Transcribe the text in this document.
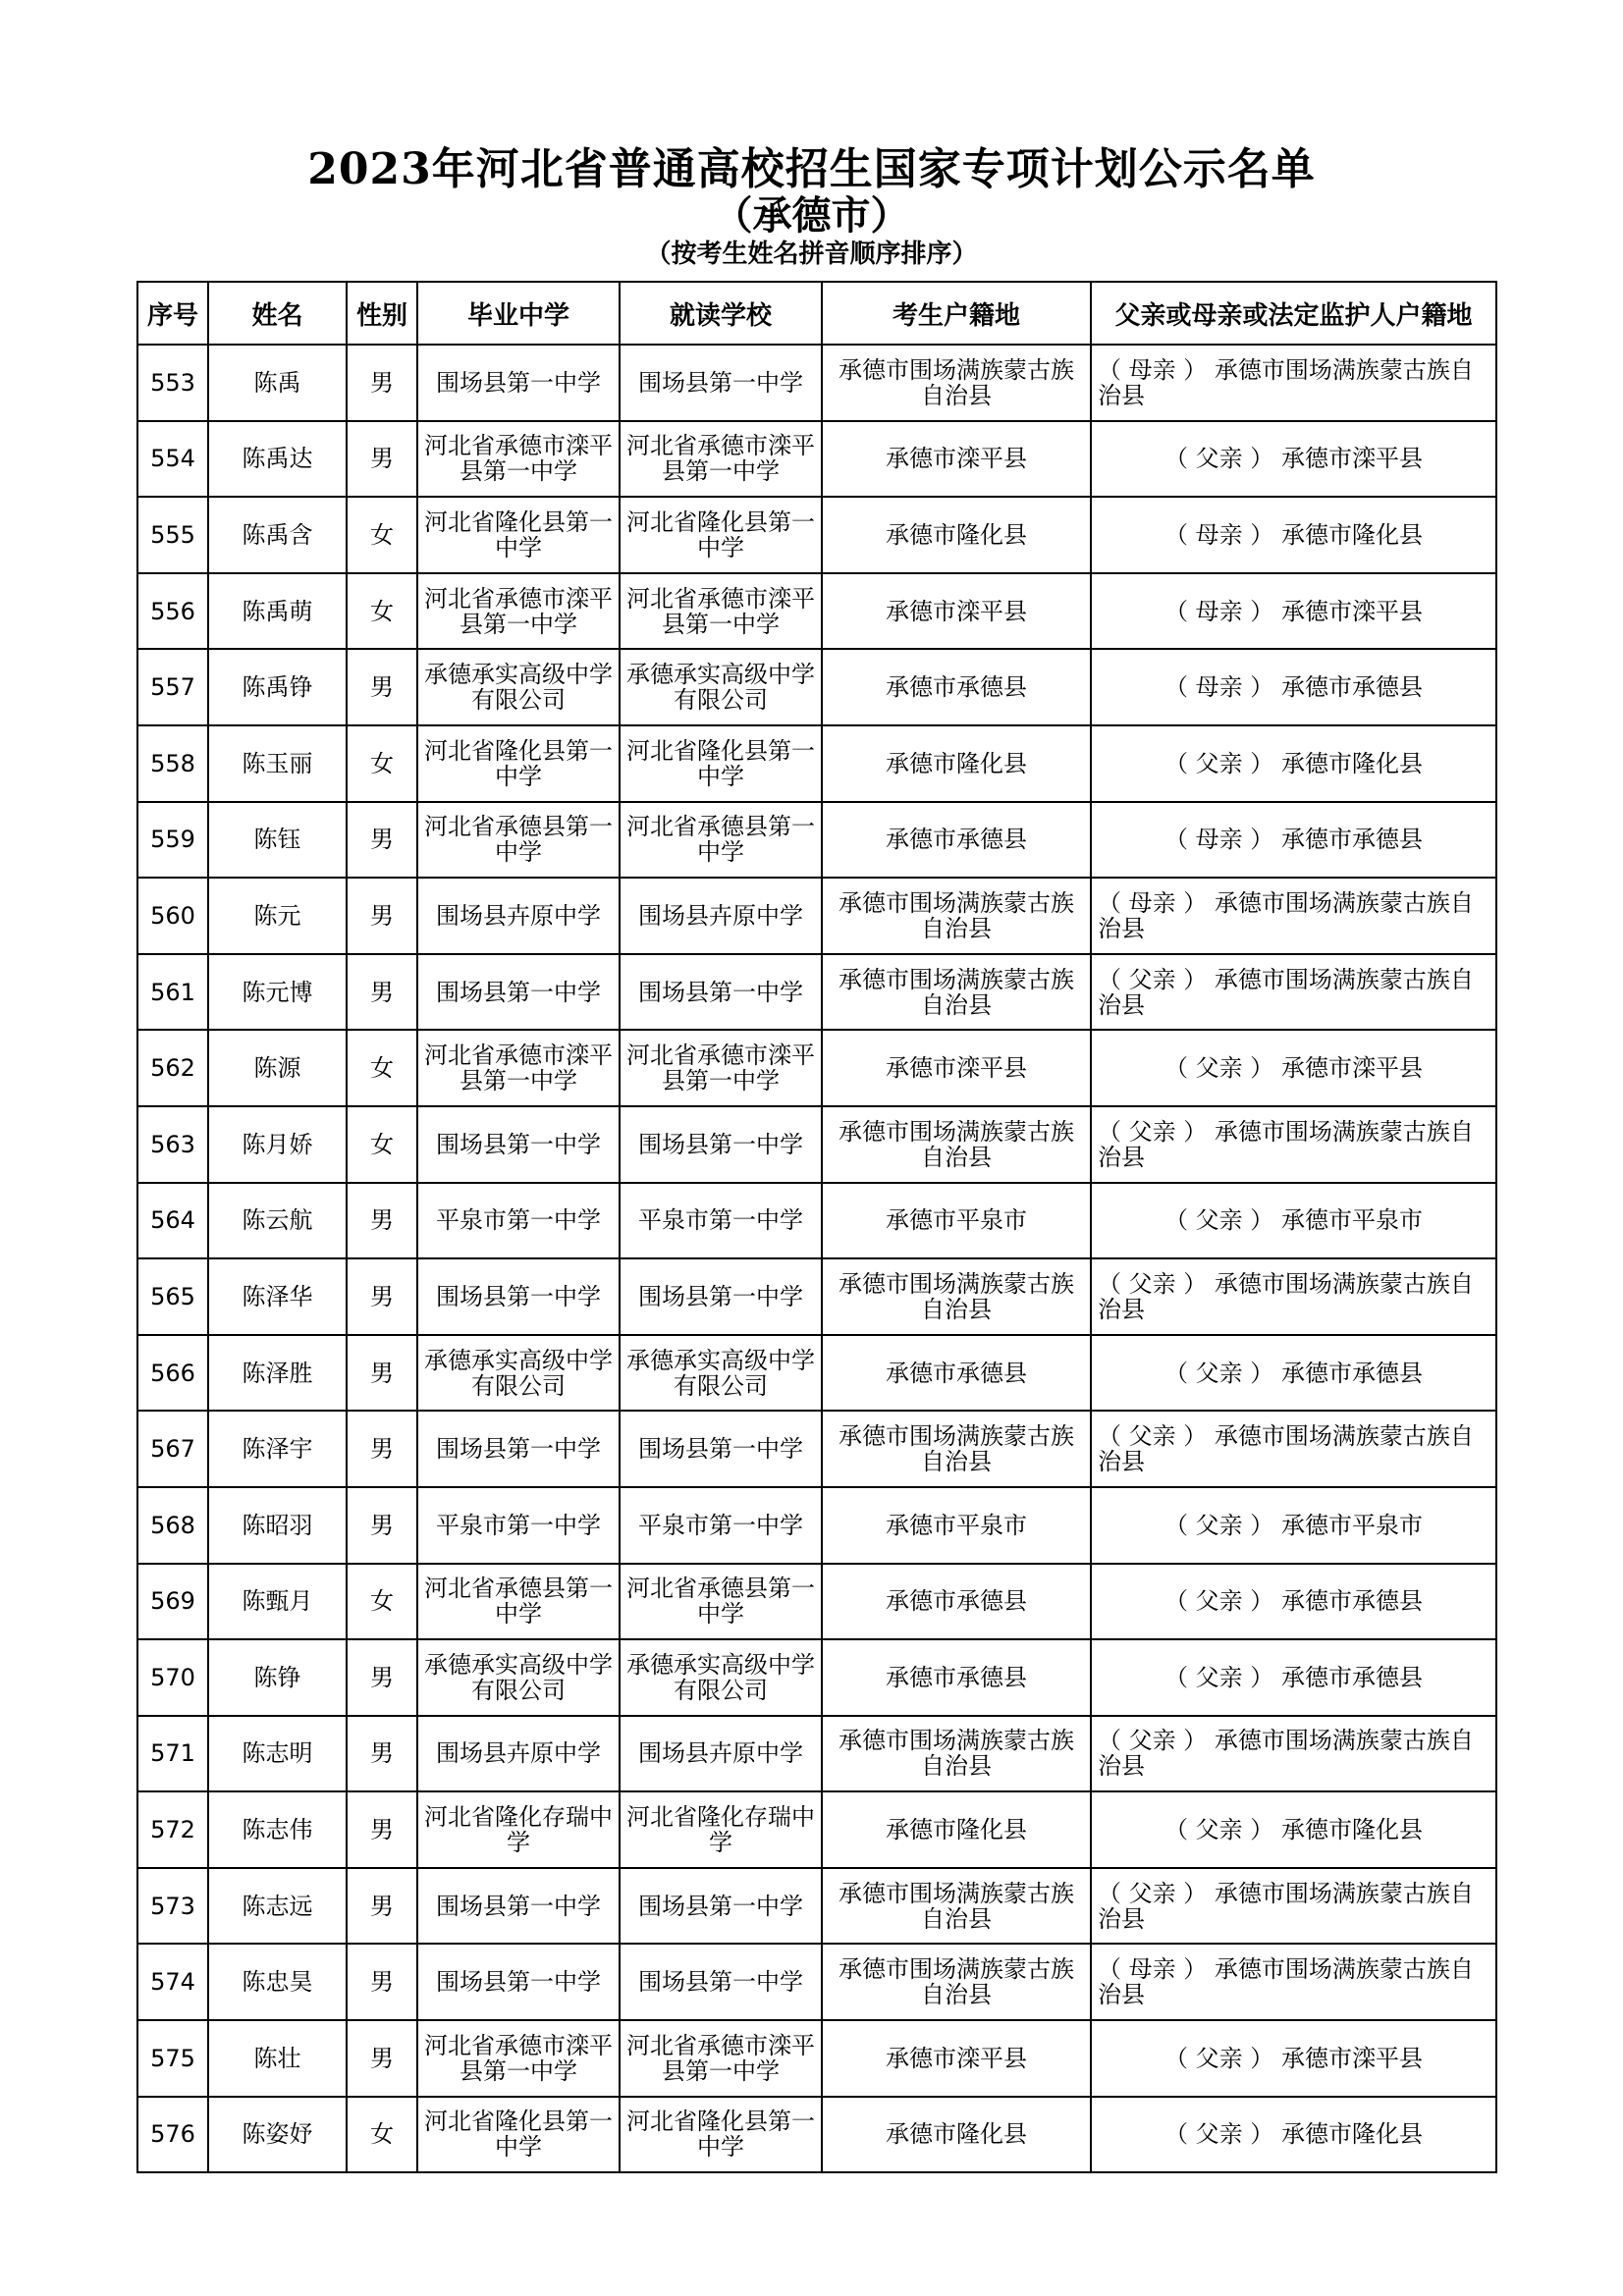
2023年河北省普通高校招生国家专项计划公示名单
（承德市）
（按考生姓名拼音顺序排序）
序号	姓名	性别	毕业中学	就读学校	考生户籍地	父亲或母亲或法定监护人户籍地
553	陈禹	男	围场县第一中学	围场县第一中学	承德市围场满族蒙古族自治县	（ 母亲 ） 承德市围场满族蒙古族自治县
554	陈禹达	男	河北省承德市滦平县第一中学	河北省承德市滦平县第一中学	承德市滦平县	（ 父亲 ） 承德市滦平县
555	陈禹含	女	河北省隆化县第一中学	河北省隆化县第一中学	承德市隆化县	（ 母亲 ） 承德市隆化县
556	陈禹萌	女	河北省承德市滦平县第一中学	河北省承德市滦平县第一中学	承德市滦平县	（ 母亲 ） 承德市滦平县
557	陈禹铮	男	承德承实高级中学有限公司	承德承实高级中学有限公司	承德市承德县	（ 母亲 ） 承德市承德县
558	陈玉丽	女	河北省隆化县第一中学	河北省隆化县第一中学	承德市隆化县	（ 父亲 ） 承德市隆化县
559	陈钰	男	河北省承德县第一中学	河北省承德县第一中学	承德市承德县	（ 母亲 ） 承德市承德县
560	陈元	男	围场县卉原中学	围场县卉原中学	承德市围场满族蒙古族自治县	（ 母亲 ） 承德市围场满族蒙古族自治县
561	陈元博	男	围场县第一中学	围场县第一中学	承德市围场满族蒙古族自治县	（ 父亲 ） 承德市围场满族蒙古族自治县
562	陈源	女	河北省承德市滦平县第一中学	河北省承德市滦平县第一中学	承德市滦平县	（ 父亲 ） 承德市滦平县
563	陈月娇	女	围场县第一中学	围场县第一中学	承德市围场满族蒙古族自治县	（ 父亲 ） 承德市围场满族蒙古族自治县
564	陈云航	男	平泉市第一中学	平泉市第一中学	承德市平泉市	（ 父亲 ） 承德市平泉市
565	陈泽华	男	围场县第一中学	围场县第一中学	承德市围场满族蒙古族自治县	（ 父亲 ） 承德市围场满族蒙古族自治县
566	陈泽胜	男	承德承实高级中学有限公司	承德承实高级中学有限公司	承德市承德县	（ 父亲 ） 承德市承德县
567	陈泽宇	男	围场县第一中学	围场县第一中学	承德市围场满族蒙古族自治县	（ 父亲 ） 承德市围场满族蒙古族自治县
568	陈昭羽	男	平泉市第一中学	平泉市第一中学	承德市平泉市	（ 父亲 ） 承德市平泉市
569	陈甄月	女	河北省承德县第一中学	河北省承德县第一中学	承德市承德县	（ 父亲 ） 承德市承德县
570	陈铮	男	承德承实高级中学有限公司	承德承实高级中学有限公司	承德市承德县	（ 父亲 ） 承德市承德县
571	陈志明	男	围场县卉原中学	围场县卉原中学	承德市围场满族蒙古族自治县	（ 父亲 ） 承德市围场满族蒙古族自治县
572	陈志伟	男	河北省隆化存瑞中学	河北省隆化存瑞中学	承德市隆化县	（ 父亲 ） 承德市隆化县
573	陈志远	男	围场县第一中学	围场县第一中学	承德市围场满族蒙古族自治县	（ 父亲 ） 承德市围场满族蒙古族自治县
574	陈忠昊	男	围场县第一中学	围场县第一中学	承德市围场满族蒙古族自治县	（ 母亲 ） 承德市围场满族蒙古族自治县
575	陈壮	男	河北省承德市滦平县第一中学	河北省承德市滦平县第一中学	承德市滦平县	（ 父亲 ） 承德市滦平县
576	陈姿妤	女	河北省隆化县第一中学	河北省隆化县第一中学	承德市隆化县	（ 父亲 ） 承德市隆化县
